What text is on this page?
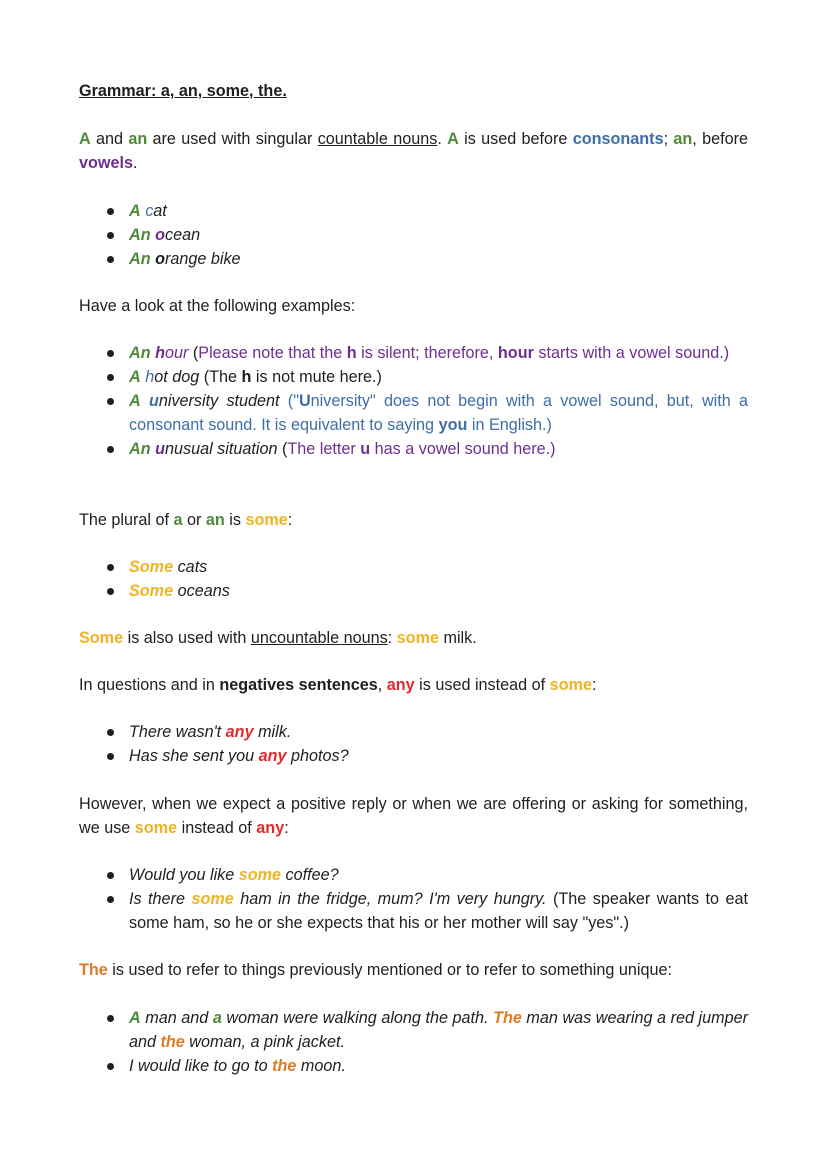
Grammar: a, an, some, the.

A and an are used with singular countable nouns. A is used before consonants; an, before vowels.

A cat
An ocean
An orange bike

Have a look at the following examples:

An hour (Please note that the h is silent; therefore, hour starts with a vowel sound.)
A hot dog (The h is not mute here.)
A university student ("University" does not begin with a vowel sound, but, with a consonant sound. It is equivalent to saying you in English.)
An unusual situation (The letter u has a vowel sound here.)

The plural of a or an is some:

Some cats
Some oceans

Some is also used with uncountable nouns: some milk.

In questions and in negatives sentences, any is used instead of some:

There wasn't any milk.
Has she sent you any photos?

However, when we expect a positive reply or when we are offering or asking for something, we use some instead of any:

Would you like some coffee?
Is there some ham in the fridge, mum? I'm very hungry. (The speaker wants to eat some ham, so he or she expects that his or her mother will say "yes".)

The is used to refer to things previously mentioned or to refer to something unique:

A man and a woman were walking along the path. The man was wearing a red jumper and the woman, a pink jacket.
I would like to go to the moon.
